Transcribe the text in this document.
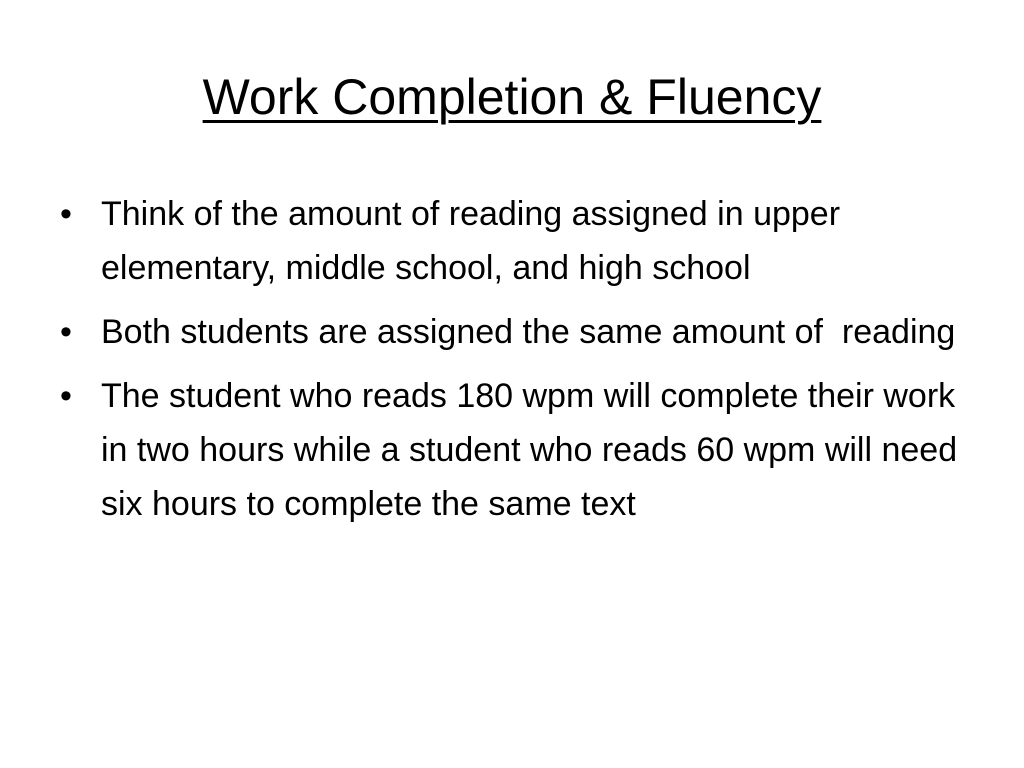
Work Completion & Fluency
• Think of the amount of reading assigned in upper elementary, middle school, and high school
• Both students are assigned the same amount of  reading
• The student who reads 180 wpm will complete their work in two hours while a student who reads 60 wpm will need six hours to complete the same text
